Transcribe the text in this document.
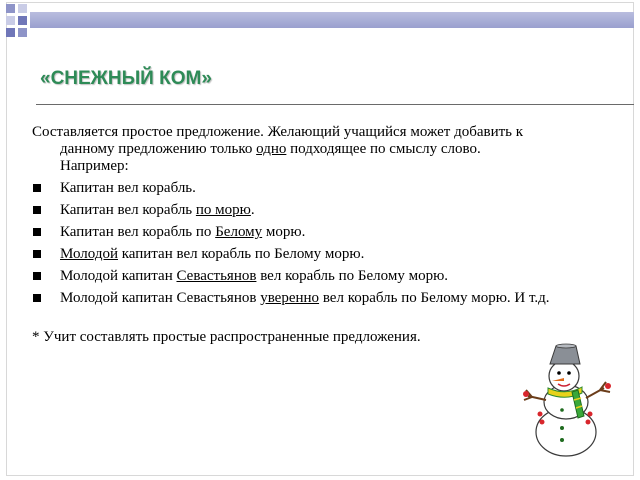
«СНЕЖНЫЙ КОМ»

Составляется простое предложение. Желающий учащийся может добавить к данному предложению только одно подходящее по смыслу слово. Например:

Капитан вел корабль.
Капитан вел корабль по морю.
Капитан вел корабль по Белому морю.
Молодой капитан вел корабль по Белому морю.
Молодой капитан Севастьянов вел корабль по Белому морю.
Молодой капитан Севастьянов уверенно вел корабль по Белому морю. И т.д.
* Учит составлять простые распространенные предложения.
